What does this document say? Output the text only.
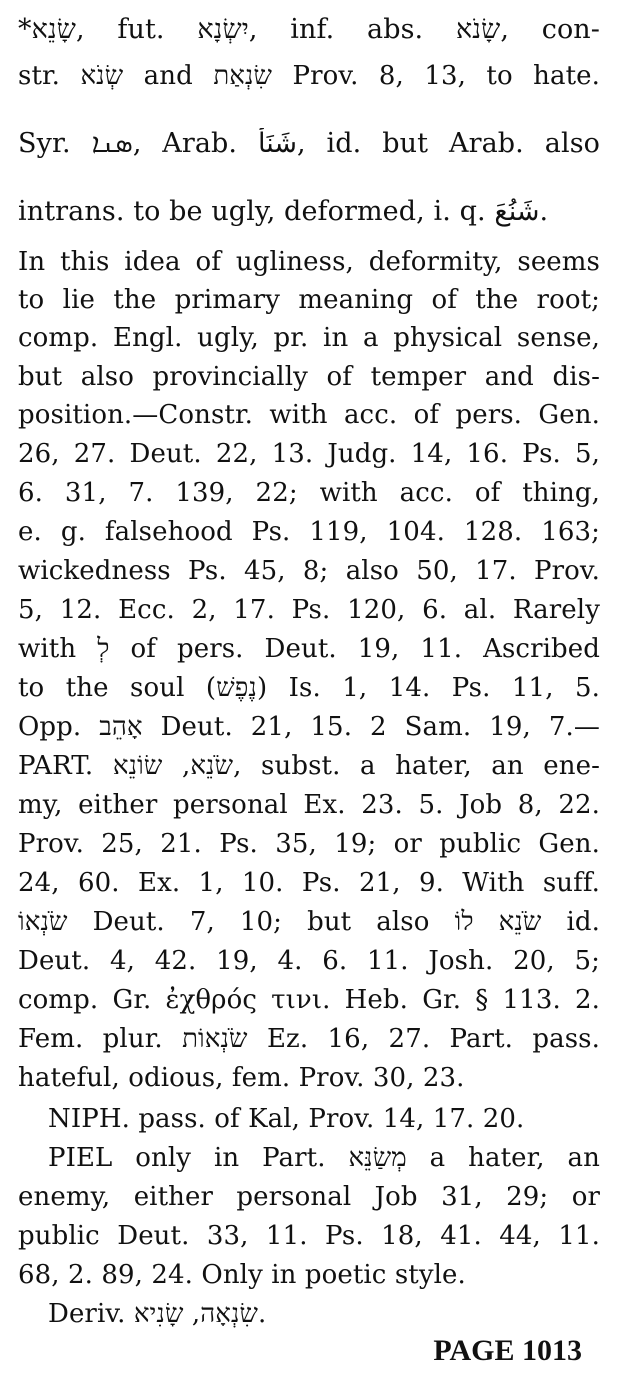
*שָׂנֵא, fut. יִשְׂנָא, inf. abs. שָׂנֹא, con-
str. שְׂנֹא and שִׂנְאַת Prov. 8, 13, to hate.
Syr. ܣܢܐ, Arab. شَنَأَ, id. but Arab. also
intrans. to be ugly, deformed, i. q. شَنُعَ.
In this idea of ugliness, deformity, seems
to lie the primary meaning of the root;
comp. Engl. ugly, pr. in a physical sense,
but also provincially of temper and dis-
position.—Constr. with acc. of pers. Gen.
26, 27. Deut. 22, 13. Judg. 14, 16. Ps. 5,
6. 31, 7. 139, 22; with acc. of thing,
e. g. falsehood Ps. 119, 104. 128. 163;
wickedness Ps. 45, 8; also 50, 17. Prov.
5, 12. Ecc. 2, 17. Ps. 120, 6. al. Rarely
with לְ of pers. Deut. 19, 11. Ascribed
to the soul (נֶפֶשׁ) Is. 1, 14. Ps. 11, 5.
Opp. אָהֵב Deut. 21, 15. 2 Sam. 19, 7.—
PART. שֹׂנֵא, שׂוֹנֵא, subst. a hater, an ene-
my, either personal Ex. 23. 5. Job 8, 22.
Prov. 25, 21. Ps. 35, 19; or public Gen.
24, 60. Ex. 1, 10. Ps. 21, 9. With suff.
שֹׂנְאוֹ Deut. 7, 10; but also שֹׂנֵא לוֹ id.
Deut. 4, 42. 19, 4. 6. 11. Josh. 20, 5;
comp. Gr. ἐχθρός τινι. Heb. Gr. § 113. 2.
Fem. plur. שֹׂנְאוֹת Ez. 16, 27. Part. pass.
hateful, odious, fem. Prov. 30, 23.
NIPH. pass. of Kal, Prov. 14, 17. 20.
PIEL only in Part. מְשַׂנֵּא a hater, an
enemy, either personal Job 31, 29; or
public Deut. 33, 11. Ps. 18, 41. 44, 11.
68, 2. 89, 24. Only in poetic style.
Deriv. שִׂנְאָה, שָׂנִיא.
PAGE 1013
